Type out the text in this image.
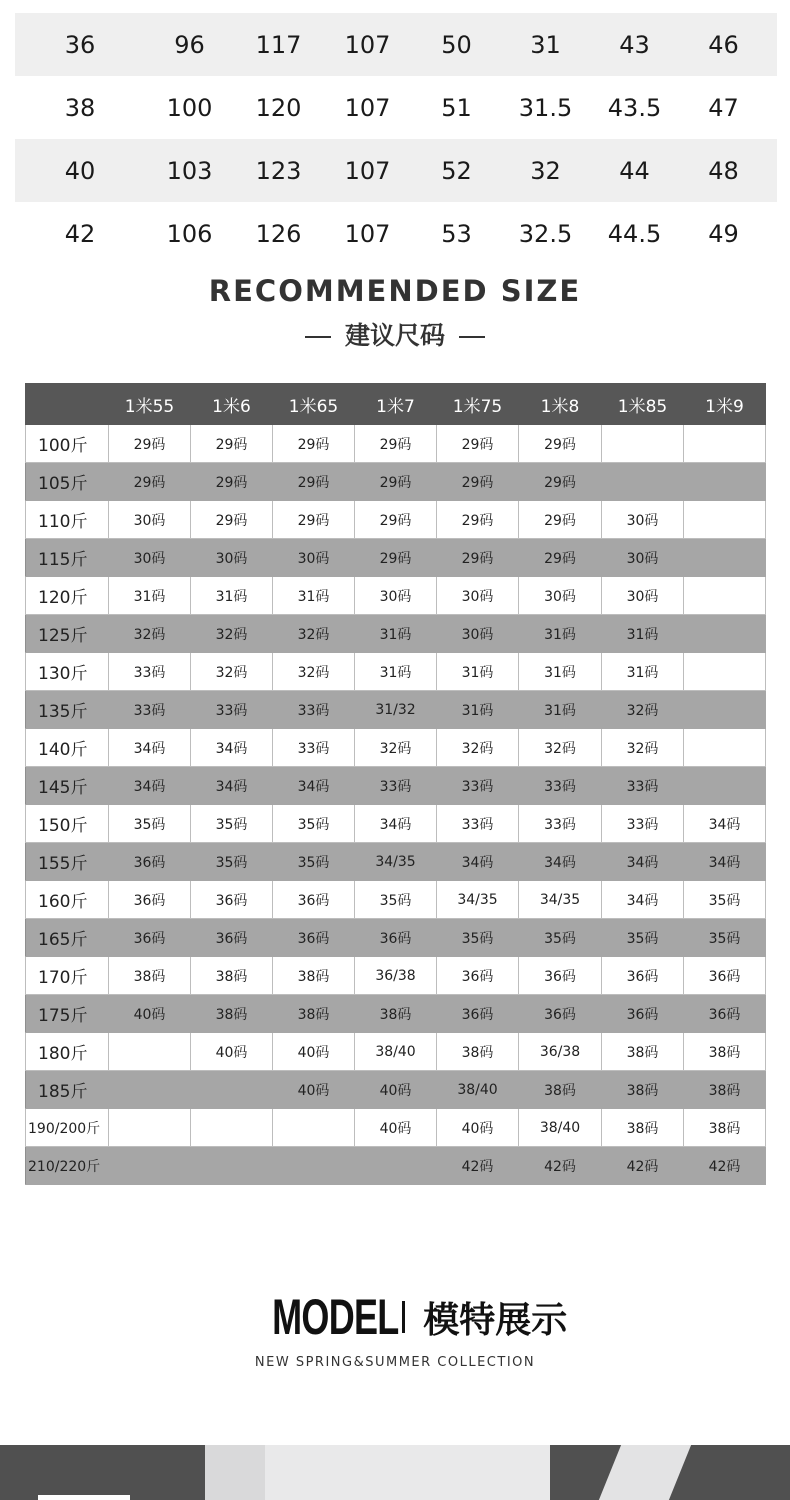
36	96	117	107	50	31	43	46
38	100	120	107	51	31.5	43.5	47
40	103	123	107	52	32	44	48
42	106	126	107	53	32.5	44.5	49
RECOMMENDED SIZE
建议尺码
	1米55	1米6	1米65	1米7	1米75	1米8	1米85	1米9
100斤	29码	29码	29码	29码	29码	29码		
105斤	29码	29码	29码	29码	29码	29码		
110斤	30码	29码	29码	29码	29码	29码	30码	
115斤	30码	30码	30码	29码	29码	29码	30码	
120斤	31码	31码	31码	30码	30码	30码	30码	
125斤	32码	32码	32码	31码	30码	31码	31码	
130斤	33码	32码	32码	31码	31码	31码	31码	
135斤	33码	33码	33码	31/32	31码	31码	32码	
140斤	34码	34码	33码	32码	32码	32码	32码	
145斤	34码	34码	34码	33码	33码	33码	33码	
150斤	35码	35码	35码	34码	33码	33码	33码	34码
155斤	36码	35码	35码	34/35	34码	34码	34码	34码
160斤	36码	36码	36码	35码	34/35	34/35	34码	35码
165斤	36码	36码	36码	36码	35码	35码	35码	35码
170斤	38码	38码	38码	36/38	36码	36码	36码	36码
175斤	40码	38码	38码	38码	36码	36码	36码	36码
180斤		40码	40码	38/40	38码	36/38	38码	38码
185斤			40码	40码	38/40	38码	38码	38码
190/200斤				40码	40码	38/40	38码	38码
210/220斤					42码	42码	42码	42码
MODEL 模特展示
NEW SPRING&SUMMER COLLECTION
